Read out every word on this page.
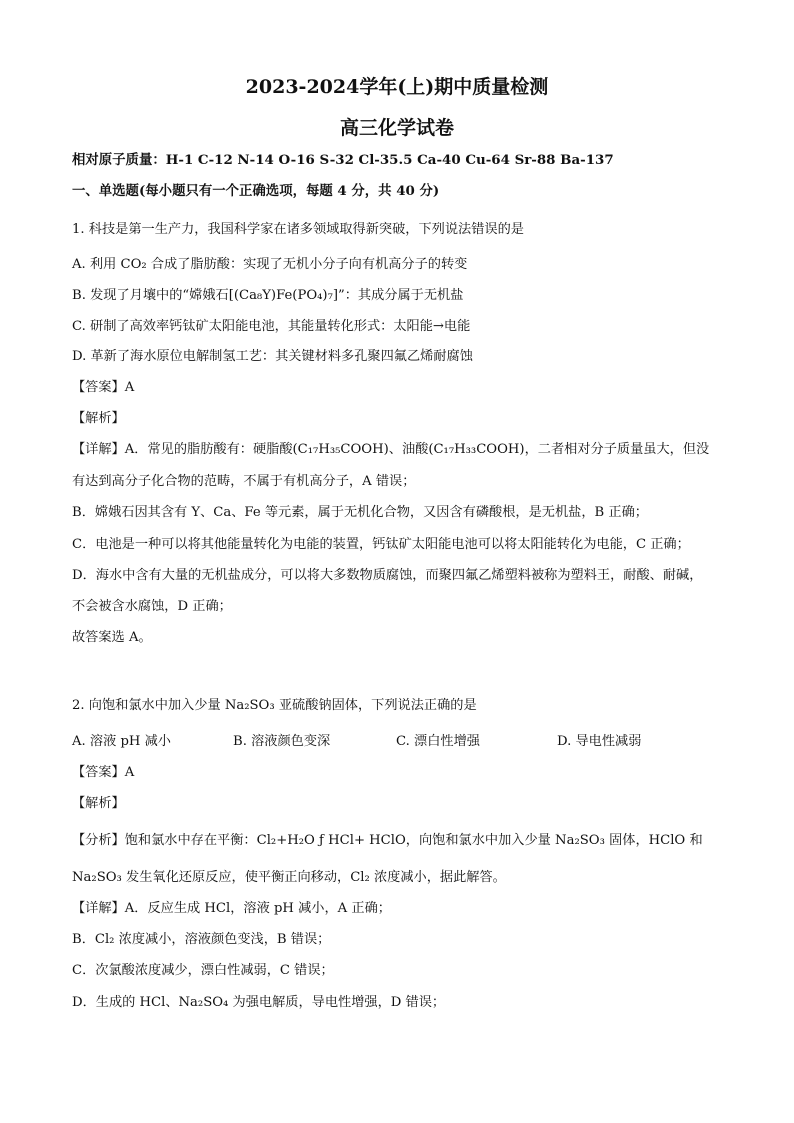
2023-2024学年(上)期中质量检测
高三化学试卷
相对原子质量：H-1 C-12 N-14 O-16 S-32 Cl-35.5 Ca-40 Cu-64 Sr-88 Ba-137
一、单选题(每小题只有一个正确选项，每题 4 分，共 40 分)
1. 科技是第一生产力，我国科学家在诸多领域取得新突破，下列说法错误的是
A. 利用 CO₂ 合成了脂肪酸：实现了无机小分子向有机高分子的转变
B. 发现了月壤中的“嫦娥石[(Ca₈Y)Fe(PO₄)₇]”：其成分属于无机盐
C. 研制了高效率钙钛矿太阳能电池，其能量转化形式：太阳能→电能
D. 革新了海水原位电解制氢工艺：其关键材料多孔聚四氟乙烯耐腐蚀
【答案】A
【解析】
【详解】A．常见的脂肪酸有：硬脂酸(C₁₇H₃₅COOH)、油酸(C₁₇H₃₃COOH)，二者相对分子质量虽大，但没
有达到高分子化合物的范畴，不属于有机高分子，A 错误；
B．嫦娥石因其含有 Y、Ca、Fe 等元素，属于无机化合物，又因含有磷酸根，是无机盐，B 正确；
C．电池是一种可以将其他能量转化为电能的装置，钙钛矿太阳能电池可以将太阳能转化为电能，C 正确；
D．海水中含有大量的无机盐成分，可以将大多数物质腐蚀，而聚四氟乙烯塑料被称为塑料王，耐酸、耐碱，
不会被含水腐蚀，D 正确；
故答案选 A。
2. 向饱和氯水中加入少量 Na₂SO₃ 亚硫酸钠固体，下列说法正确的是
A. 溶液 pH 减小	B. 溶液颜色变深	C. 漂白性增强	D. 导电性减弱
【答案】A
【解析】
【分析】饱和氯水中存在平衡：Cl₂+H₂O ƒ HCl+ HClO，向饱和氯水中加入少量 Na₂SO₃ 固体，HClO 和
Na₂SO₃ 发生氧化还原反应，使平衡正向移动，Cl₂ 浓度减小，据此解答。
【详解】A．反应生成 HCl，溶液 pH 减小，A 正确；
B．Cl₂ 浓度减小，溶液颜色变浅，B 错误；
C．次氯酸浓度减少，漂白性减弱，C 错误；
D．生成的 HCl、Na₂SO₄ 为强电解质，导电性增强，D 错误；
